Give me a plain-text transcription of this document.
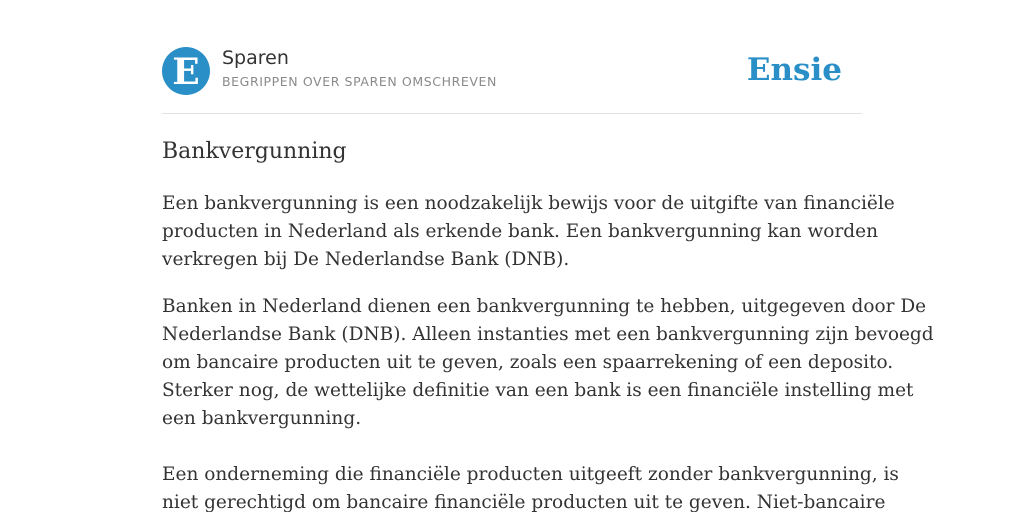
E Sparen
BEGRIPPEN OVER SPAREN OMSCHREVEN	Ensie
Bankvergunning

Een bankvergunning is een noodzakelijk bewijs voor de uitgifte van financiële
producten in Nederland als erkende bank. Een bankvergunning kan worden
verkregen bij De Nederlandse Bank (DNB).

Banken in Nederland dienen een bankvergunning te hebben, uitgegeven door De
Nederlandse Bank (DNB). Alleen instanties met een bankvergunning zijn bevoegd
om bancaire producten uit te geven, zoals een spaarrekening of een deposito.
Sterker nog, de wettelijke definitie van een bank is een financiële instelling met
een bankvergunning.

Een onderneming die financiële producten uitgeeft zonder bankvergunning, is
niet gerechtigd om bancaire financiële producten uit te geven. Niet-bancaire
